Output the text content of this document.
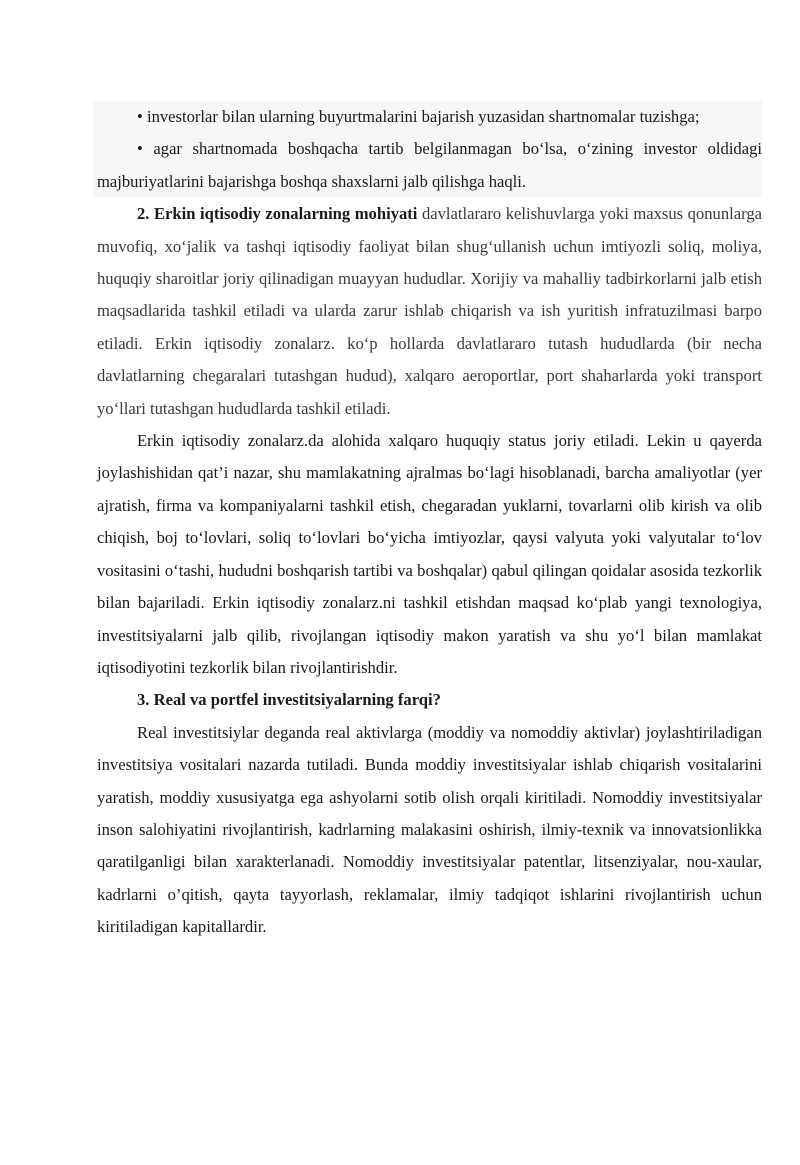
• investorlar bilan ularning buyurtmalarini bajarish yuzasidan shartnomalar tuzishga;

• agar shartnomada boshqacha tartib belgilanmagan bo‘lsa, o‘zining investor oldidagi majburiyatlarini bajarishga boshqa shaxslarni jalb qilishga haqli.

2. Erkin iqtisodiy zonalarning mohiyati davlatlararo kelishuvlarga yoki maxsus qonunlarga muvofiq, xo‘jalik va tashqi iqtisodiy faoliyat bilan shug‘ullanish uchun imtiyozli soliq, moliya, huquqiy sharoitlar joriy qilinadigan muayyan hududlar. Xorijiy va mahalliy tadbirkorlarni jalb etish maqsadlarida tashkil etiladi va ularda zarur ishlab chiqarish va ish yuritish infratuzilmasi barpo etiladi. Erkin iqtisodiy zonalarz. ko‘p hollarda davlatlararo tutash hududlarda (bir necha davlatlarning chegaralari tutashgan hudud), xalqaro aeroportlar, port shaharlarda yoki transport yo‘llari tutashgan hududlarda tashkil etiladi.

Erkin iqtisodiy zonalarz.da alohida xalqaro huquqiy status joriy etiladi. Lekin u qayerda joylashishidan qat’i nazar, shu mamlakatning ajralmas bo‘lagi hisoblanadi, barcha amaliyotlar (yer ajratish, firma va kompaniyalarni tashkil etish, chegaradan yuklarni, tovarlarni olib kirish va olib chiqish, boj to‘lovlari, soliq to‘lovlari bo‘yicha imtiyozlar, qaysi valyuta yoki valyutalar to‘lov vositasini o‘tashi, hududni boshqarish tartibi va boshqalar) qabul qilingan qoidalar asosida tezkorlik bilan bajariladi. Erkin iqtisodiy zonalarz.ni tashkil etishdan maqsad ko‘plab yangi texnologiya, investitsiyalarni jalb qilib, rivojlangan iqtisodiy makon yaratish va shu yo‘l bilan mamlakat iqtisodiyotini tezkorlik bilan rivojlantirishdir.

3. Real va portfel investitsiyalarning farqi?

Real investitsiylar deganda real aktivlarga (moddiy va nomoddiy aktivlar) joylashtiriladigan investitsiya vositalari nazarda tutiladi. Bunda moddiy investitsiyalar ishlab chiqarish vositalarini yaratish, moddiy xususiyatga ega ashyolarni sotib olish orqali kiritiladi. Nomoddiy investitsiyalar inson salohiyatini rivojlantirish, kadrlarning malakasini oshirish, ilmiy-texnik va innovatsionlikka qaratilganligi bilan xarakterlanadi. Nomoddiy investitsiyalar patentlar, litsenziyalar, nou-xaular, kadrlarni o’qitish, qayta tayyorlash, reklamalar, ilmiy tadqiqot ishlarini rivojlantirish uchun kiritiladigan kapitallardir.
